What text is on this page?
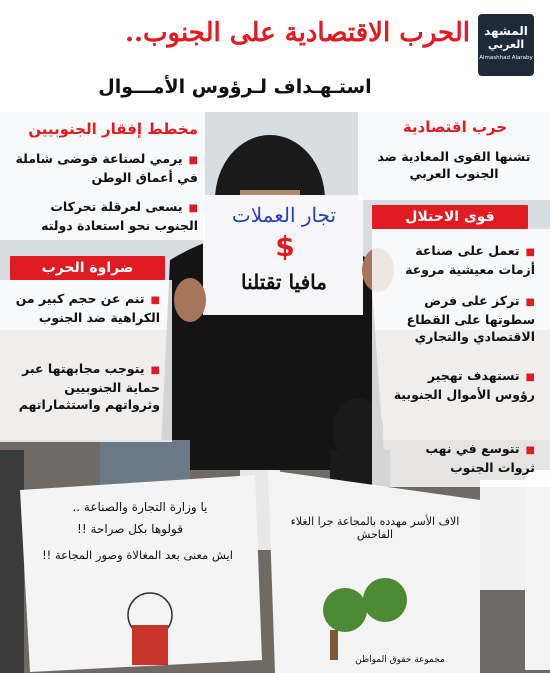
المشهد
العربي
Almashhad Alaraby
الحرب الاقتصادية على الجنوب..
استـهـداف لـرؤوس الأمـــوال
حرب اقتصادية
تشنها القوى المعادية ضد الجنوب العربي
قوى الاحتلال
■ تعمل على صناعة أزمات معيشية مروعة
■ تركز على فرض سطوتها على القطاع الاقتصادي والتجاري
■ تستهدف تهجير رؤوس الأموال الجنوبية
■ تتوسع في نهب ثروات الجنوب
مخطط إفقار الجنوبيين
■ يرمي لصناعة فوضى شاملة في أعماق الوطن
■ يسعى لعرقلة تحركات الجنوب نحو استعادة دولته
ضراوة الحرب
■ تنم عن حجم كبير من الكراهية ضد الجنوب
■ يتوجب مجابهتها عبر حماية الجنوبيين وثرواتهم واستثماراتهم
تجار العملات
$
مافيا تقتلنا
يا وزارة التجارة والصناعة ..
قولوها بكل صراحة !!
ايش معنى بعد المغالاة وصور المجاعة !!
الاف الأسر مهدده بالمجاعة جرا الغلاء الفاحش
مجموعة حقوق المواطن
